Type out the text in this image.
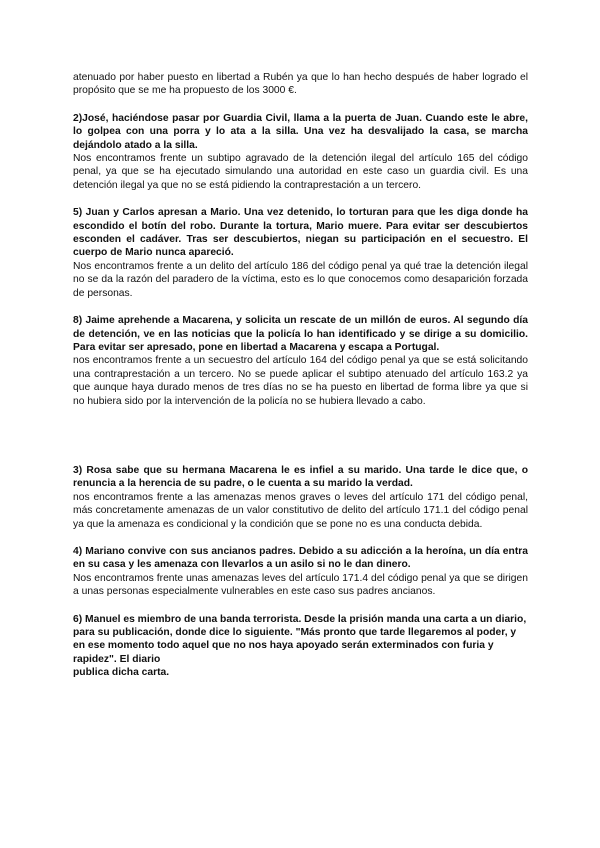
atenuado por haber puesto en libertad a Rubén ya que lo han hecho después de haber logrado el propósito que se me ha propuesto de los 3000 €.

2)José, haciéndose pasar por Guardia Civil, llama a la puerta de Juan. Cuando este le abre, lo golpea con una porra y lo ata a la silla. Una vez ha desvalijado la casa, se marcha dejándolo atado a la silla.

Nos encontramos frente un subtipo agravado de la detención ilegal del artículo 165 del código penal, ya que se ha ejecutado simulando una autoridad en este caso un guardia civil. Es una detención ilegal ya que no se está pidiendo la contraprestación a un tercero.

5) Juan y Carlos apresan a Mario. Una vez detenido, lo torturan para que les diga donde ha escondido el botín del robo. Durante la tortura, Mario muere. Para evitar ser descubiertos esconden el cadáver. Tras ser descubiertos, niegan su participación en el secuestro. El cuerpo de Mario nunca apareció.

Nos encontramos frente a un delito del artículo 186 del código penal ya qué trae la detención ilegal no se da la razón del paradero de la víctima, esto es lo que conocemos como desaparición forzada de personas.

8) Jaime aprehende a Macarena, y solicita un rescate de un millón de euros. Al segundo día de detención, ve en las noticias que la policía lo han identificado y se dirige a su domicilio. Para evitar ser apresado, pone en libertad a Macarena y escapa a Portugal.

nos encontramos frente a un secuestro del artículo 164 del código penal ya que se está solicitando una contraprestación a un tercero. No se puede aplicar el subtipo atenuado del artículo 163.2 ya que aunque haya durado menos de tres días no se ha puesto en libertad de forma libre ya que si no hubiera sido por la intervención de la policía no se hubiera llevado a cabo.

3) Rosa sabe que su hermana Macarena le es infiel a su marido. Una tarde le dice que, o renuncia a la herencia de su padre, o le cuenta a su marido la verdad.

nos encontramos frente a las amenazas menos graves o leves del artículo 171 del código penal, más concretamente amenazas de un valor constitutivo de delito del artículo 171.1 del código penal ya que la amenaza es condicional y la condición que se pone no es una conducta debida.

4) Mariano convive con sus ancianos padres. Debido a su adicción a la heroína, un día entra en su casa y les amenaza con llevarlos a un asilo si no le dan dinero.

Nos encontramos frente unas amenazas leves del artículo 171.4 del código penal ya que se dirigen a unas personas especialmente vulnerables en este caso sus padres ancianos.

6) Manuel es miembro de una banda terrorista. Desde la prisión manda una carta a un diario, para su publicación, donde dice lo siguiente. "Más pronto que tarde llegaremos al poder, y en ese momento todo aquel que no nos haya apoyado serán exterminados con furia y rapidez". El diario

publica dicha carta.
